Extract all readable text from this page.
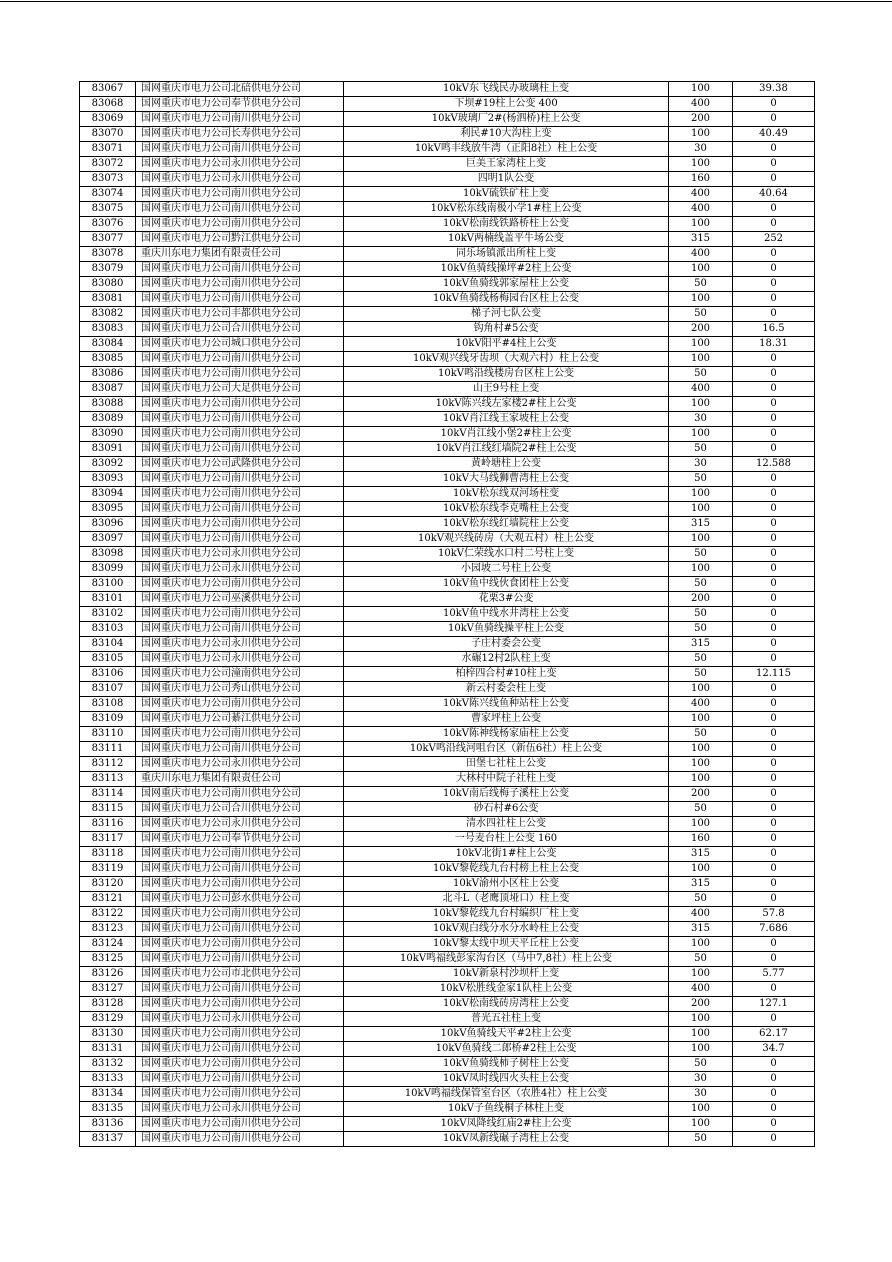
83067	国网重庆市电力公司北碚供电分公司	10kV东飞线民办玻璃柱上变	100	39.38
83068	国网重庆市电力公司奉节供电分公司	下坝#19柱上公变 400	400	0
83069	国网重庆市电力公司南川供电分公司	10kV玻璃厂2#(杨泗桥)柱上公变	200	0
83070	国网重庆市电力公司长寿供电分公司	利民#10大沟柱上变	100	40.49
83071	国网重庆市电力公司南川供电分公司	10kV鸣丰线放牛湾（正阳8社）柱上公变	30	0
83072	国网重庆市电力公司永川供电分公司	巨美王家湾柱上变	100	0
83073	国网重庆市电力公司永川供电分公司	四明1队公变	160	0
83074	国网重庆市电力公司南川供电分公司	10kV硫铁矿柱上变	400	40.64
83075	国网重庆市电力公司南川供电分公司	10kV松东线南极小学1#柱上公变	400	0
83076	国网重庆市电力公司南川供电分公司	10kV松南线铁路桥柱上公变	100	0
83077	国网重庆市电力公司黔江供电分公司	10kV两楠线盖平牛场公变	315	252
83078	重庆川东电力集团有限责任公司	同乐场镇派出所柱上变	400	0
83079	国网重庆市电力公司南川供电分公司	10kV鱼骑线操坪#2柱上公变	100	0
83080	国网重庆市电力公司南川供电分公司	10kV鱼骑线郭家屋柱上公变	50	0
83081	国网重庆市电力公司南川供电分公司	10kV鱼骑线杨梅园台区柱上公变	100	0
83082	国网重庆市电力公司丰都供电分公司	梯子河七队公变	50	0
83083	国网重庆市电力公司合川供电分公司	钩角村#5公变	200	16.5
83084	国网重庆市电力公司城口供电分公司	10kV阳平#4柱上公变	100	18.31
83085	国网重庆市电力公司南川供电分公司	10kV观兴线牙齿坝（大观六村）柱上公变	100	0
83086	国网重庆市电力公司南川供电分公司	10kV鸣沿线楼房台区柱上公变	50	0
83087	国网重庆市电力公司大足供电分公司	山王9号柱上变	400	0
83088	国网重庆市电力公司南川供电分公司	10kV陈兴线左家楼2#柱上公变	100	0
83089	国网重庆市电力公司南川供电分公司	10kV肖江线王家坡柱上公变	30	0
83090	国网重庆市电力公司南川供电分公司	10kV肖江线小堡2#柱上公变	100	0
83091	国网重庆市电力公司南川供电分公司	10kV肖江线红墙院2#柱上公变	50	0
83092	国网重庆市电力公司武隆供电分公司	黄岭塘柱上公变	30	12.588
83093	国网重庆市电力公司南川供电分公司	10kV大马线狮曹湾柱上公变	50	0
83094	国网重庆市电力公司南川供电分公司	10kV松东线双河场柱变	100	0
83095	国网重庆市电力公司南川供电分公司	10kV松东线李克嘴柱上公变	100	0
83096	国网重庆市电力公司南川供电分公司	10kV松东线红墙院柱上公变	315	0
83097	国网重庆市电力公司南川供电分公司	10kV观兴线砖房（大观五村）柱上公变	100	0
83098	国网重庆市电力公司永川供电分公司	10kV仁荣线水口村二号柱上变	50	0
83099	国网重庆市电力公司永川供电分公司	小园坡二号柱上公变	100	0
83100	国网重庆市电力公司南川供电分公司	10kV鱼中线伙食团柱上公变	50	0
83101	国网重庆市电力公司巫溪供电分公司	花栗3#公变	200	0
83102	国网重庆市电力公司南川供电分公司	10kV鱼中线水井湾柱上公变	50	0
83103	国网重庆市电力公司南川供电分公司	10kV鱼骑线操平柱上公变	50	0
83104	国网重庆市电力公司永川供电分公司	子庄村委会公变	315	0
83105	国网重庆市电力公司永川供电分公司	水碾12村2队柱上变	50	0
83106	国网重庆市电力公司潼南供电分公司	柏梓四合村#10柱上变	50	12.115
83107	国网重庆市电力公司秀山供电分公司	新云村委会柱上变	100	0
83108	国网重庆市电力公司南川供电分公司	10kV陈兴线鱼种站柱上公变	400	0
83109	国网重庆市电力公司綦江供电分公司	曹家坪柱上公变	100	0
83110	国网重庆市电力公司南川供电分公司	10kV陈神线杨家庙柱上公变	50	0
83111	国网重庆市电力公司南川供电分公司	10kV鸣沿线河咀台区（新伍6社）柱上公变	100	0
83112	国网重庆市电力公司永川供电分公司	田堡七社柱上公变	100	0
83113	重庆川东电力集团有限责任公司	大林村中院子社柱上变	100	0
83114	国网重庆市电力公司南川供电分公司	10kV南后线梅子溪柱上公变	200	0
83115	国网重庆市电力公司合川供电分公司	砂石村#6公变	50	0
83116	国网重庆市电力公司永川供电分公司	清水四社柱上公变	100	0
83117	国网重庆市电力公司奉节供电分公司	一号麦台柱上公变 160	160	0
83118	国网重庆市电力公司南川供电分公司	10kV北街1#柱上公变	315	0
83119	国网重庆市电力公司南川供电分公司	10kV黎乾线九台村榜上柱上公变	100	0
83120	国网重庆市电力公司南川供电分公司	10kV渝州小区柱上公变	315	0
83121	国网重庆市电力公司彭水供电分公司	北斗L（老鹰顶垭口）柱上变	50	0
83122	国网重庆市电力公司南川供电分公司	10kV黎乾线九台村编织厂柱上变	400	57.8
83123	国网重庆市电力公司南川供电分公司	10kV观白线分水分水岭柱上公变	315	7.686
83124	国网重庆市电力公司南川供电分公司	10kV黎太线中坝天平丘柱上公变	100	0
83125	国网重庆市电力公司南川供电分公司	10kV鸣福线彭家沟台区（马中7,8社）柱上公变	50	0
83126	国网重庆市电力公司市北供电分公司	10kV新泉村沙坝杆上变	100	5.77
83127	国网重庆市电力公司南川供电分公司	10kV松胜线金家1队柱上公变	400	0
83128	国网重庆市电力公司南川供电分公司	10kV松南线砖房湾柱上公变	200	127.1
83129	国网重庆市电力公司永川供电分公司	普光五社柱上变	100	0
83130	国网重庆市电力公司南川供电分公司	10kV鱼骑线天平#2柱上公变	100	62.17
83131	国网重庆市电力公司南川供电分公司	10kV鱼骑线二郎桥#2柱上公变	100	34.7
83132	国网重庆市电力公司南川供电分公司	10kV鱼骑线柿子树柱上公变	50	0
83133	国网重庆市电力公司南川供电分公司	10kV凤时线四火头柱上公变	30	0
83134	国网重庆市电力公司南川供电分公司	10kV鸣福线保管室台区（农胜4社）柱上公变	30	0
83135	国网重庆市电力公司永川供电分公司	10kV子鱼线桐子林柱上变	100	0
83136	国网重庆市电力公司南川供电分公司	10kV凤降线红庙2#柱上公变	100	0
83137	国网重庆市电力公司南川供电分公司	10kV凤新线碾子湾柱上公变	50	0
